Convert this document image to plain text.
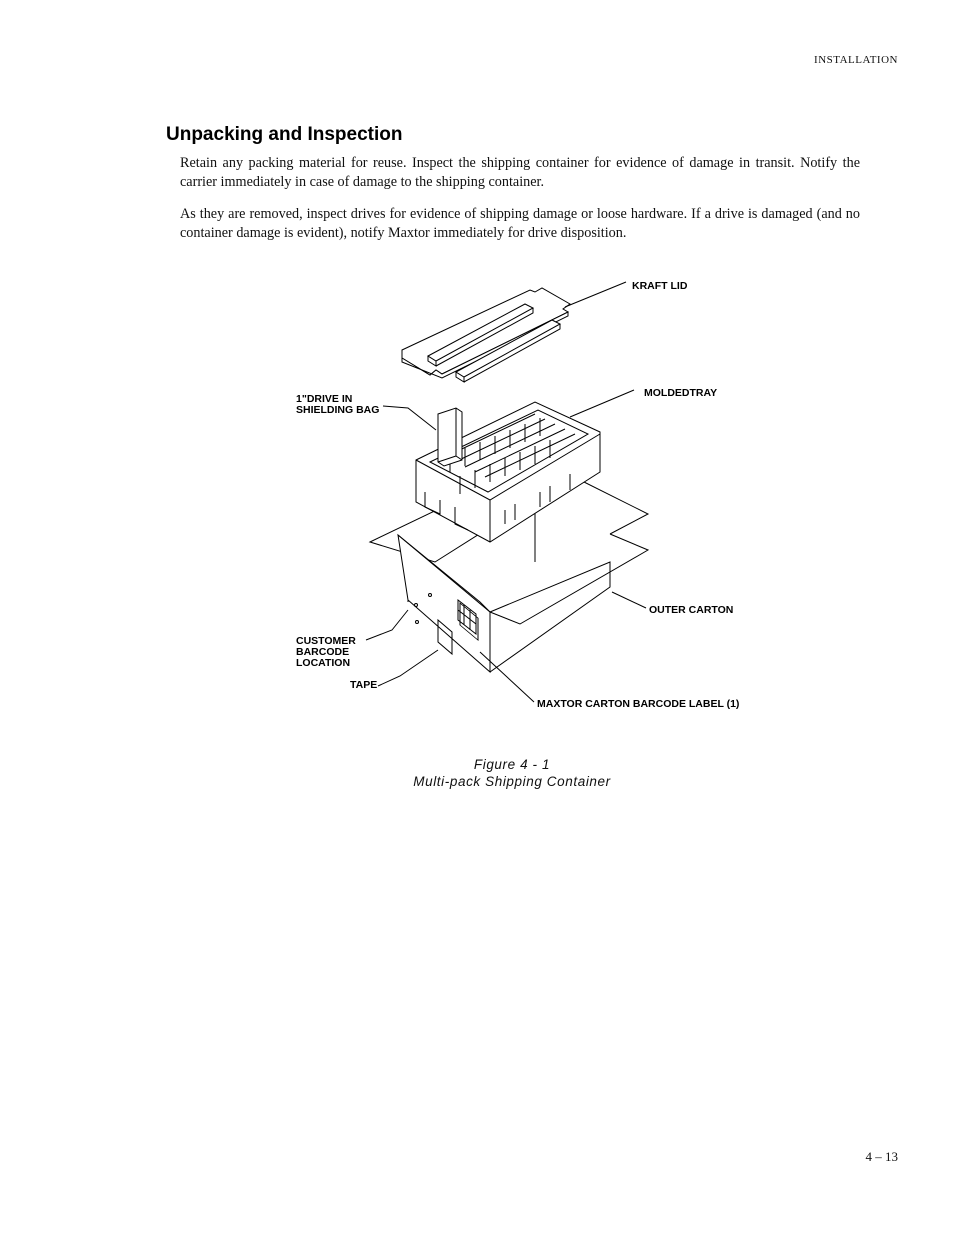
INSTALLATION
Unpacking and Inspection

Retain any packing material for reuse. Inspect the shipping container for evidence of damage in transit. Notify the carrier immediately in case of damage to the shipping container.

As they are removed, inspect drives for evidence of shipping damage or loose hardware. If a drive is damaged (and no container damage is evident), notify Maxtor immediately for drive disposition.

KRAFT LID
1"DRIVE IN
SHIELDING BAG
MOLDEDTRAY
OUTER CARTON
CUSTOMER
BARCODE
LOCATION
TAPE
MAXTOR CARTON BARCODE LABEL (1)
Figure 4 - 1
Multi-pack Shipping Container
4 – 13
